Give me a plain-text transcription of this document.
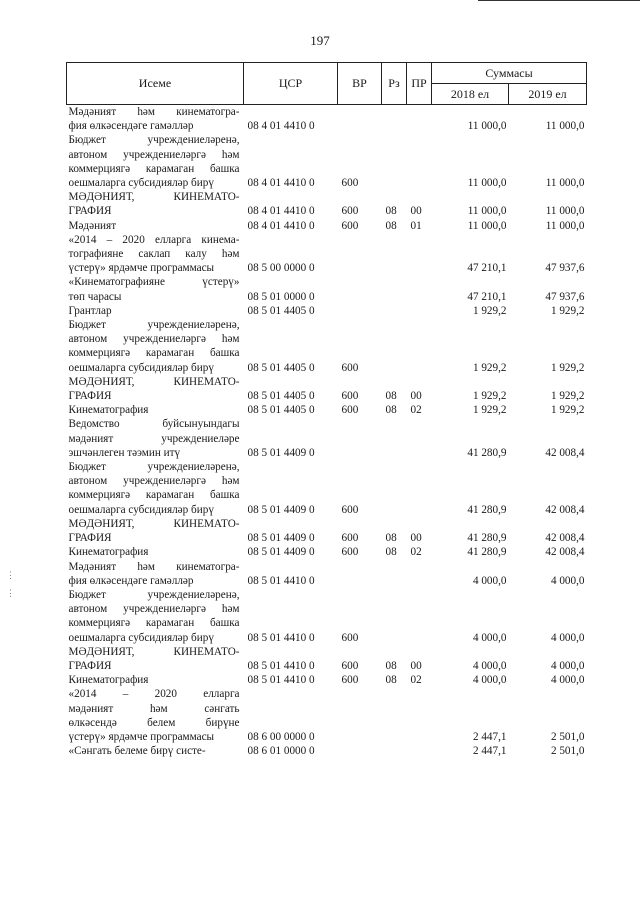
197
⋮
⋮
Исеме	ЦСР	ВР	Рз	ПР	Суммасы	
					2018 ел	2019 ел

Мәдәният һәм кинематогра-
фия өлкәсендәге гамәлләр	08 4 01 4410 0				11 000,0	11 000,0

Бюджет учреждениеләренә,
автоном учреждениеләргә һәм
коммерциягә карамаган башка
оешмаларга субсидияләр бирү	08 4 01 4410 0	600			11 000,0	11 000,0

МӘДӘНИЯТ, КИНЕМАТО-
ГРАФИЯ	08 4 01 4410 0	600	08	00	11 000,0	11 000,0

Мәдәният	08 4 01 4410 0	600	08	01	11 000,0	11 000,0

«2014 – 2020 елларга кинема-
тографияне саклап калу һәм
үстерү» ярдәмче программасы	08 5 00 0000 0				47 210,1	47 937,6

«Кинематографияне үстерү»
төп чарасы	08 5 01 0000 0				47 210,1	47 937,6

Грантлар	08 5 01 4405 0				1 929,2	1 929,2

Бюджет учреждениеләренә,
автоном учреждениеләргә һәм
коммерциягә карамаган башка
оешмаларга субсидияләр бирү	08 5 01 4405 0	600			1 929,2	1 929,2

МӘДӘНИЯТ, КИНЕМАТО-
ГРАФИЯ	08 5 01 4405 0	600	08	00	1 929,2	1 929,2

Кинематография	08 5 01 4405 0	600	08	02	1 929,2	1 929,2

Ведомство буйсынуындагы
мәдәният учреждениеләре
эшчәнлеген тәэмин итү	08 5 01 4409 0				41 280,9	42 008,4

Бюджет учреждениеләренә,
автоном учреждениеләргә һәм
коммерциягә карамаган башка
оешмаларга субсидияләр бирү	08 5 01 4409 0	600			41 280,9	42 008,4

МӘДӘНИЯТ, КИНЕМАТО-
ГРАФИЯ	08 5 01 4409 0	600	08	00	41 280,9	42 008,4

Кинематография	08 5 01 4409 0	600	08	02	41 280,9	42 008,4

Мәдәният һәм кинематогра-
фия өлкәсендәге гамәлләр	08 5 01 4410 0				4 000,0	4 000,0

Бюджет учреждениеләренә,
автоном учреждениеләргә һәм
коммерциягә карамаган башка
оешмаларга субсидияләр бирү	08 5 01 4410 0	600			4 000,0	4 000,0

МӘДӘНИЯТ, КИНЕМАТО-
ГРАФИЯ	08 5 01 4410 0	600	08	00	4 000,0	4 000,0

Кинематография	08 5 01 4410 0	600	08	02	4 000,0	4 000,0

«2014 – 2020 елларга
мәдәният һәм сәнгать
өлкәсендә белем бирүне
үстерү» ярдәмче программасы	08 6 00 0000 0				2 447,1	2 501,0

«Сәнгать белеме бирү систе-	08 6 01 0000 0				2 447,1	2 501,0
